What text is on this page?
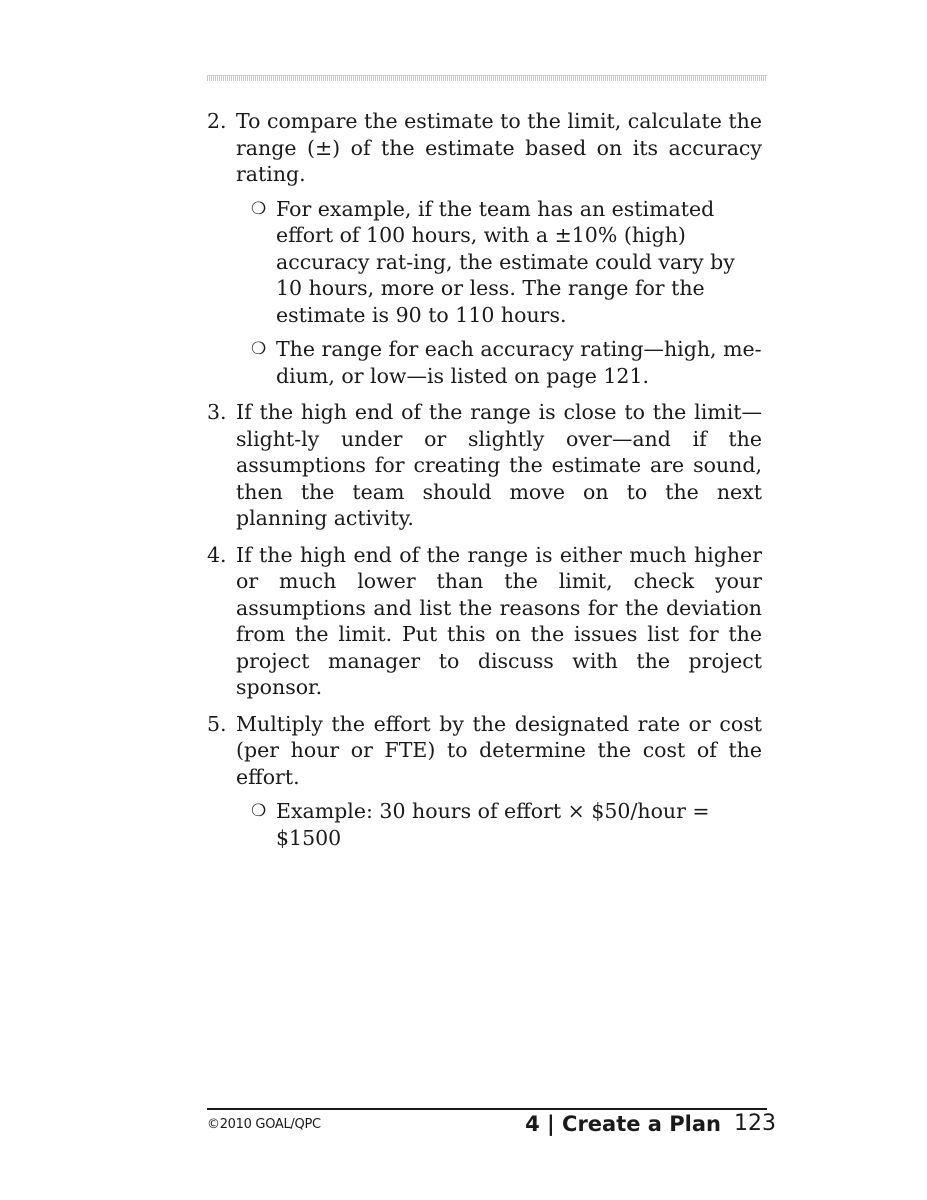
2. To compare the estimate to the limit, calculate the range (±) of the estimate based on its accuracy rating.
❍ For example, if the team has an estimated effort of 100 hours, with a ±10% (high) accuracy rat-ing, the estimate could vary by 10 hours, more or less. The range for the estimate is 90 to 110 hours.
❍ The range for each accuracy rating—high, me-dium, or low—is listed on page 121.
3. If the high end of the range is close to the limit—slight-ly under or slightly over—and if the assumptions for creating the estimate are sound, then the team should move on to the next planning activity.
4. If the high end of the range is either much higher or much lower than the limit, check your assumptions and list the reasons for the deviation from the limit. Put this on the issues list for the project manager to discuss with the project sponsor.
5. Multiply the effort by the designated rate or cost (per hour or FTE) to determine the cost of the effort.
❍ Example: 30 hours of effort × $50/hour = $1500
©2010 GOAL/QPC	4 | Create a Plan 123
